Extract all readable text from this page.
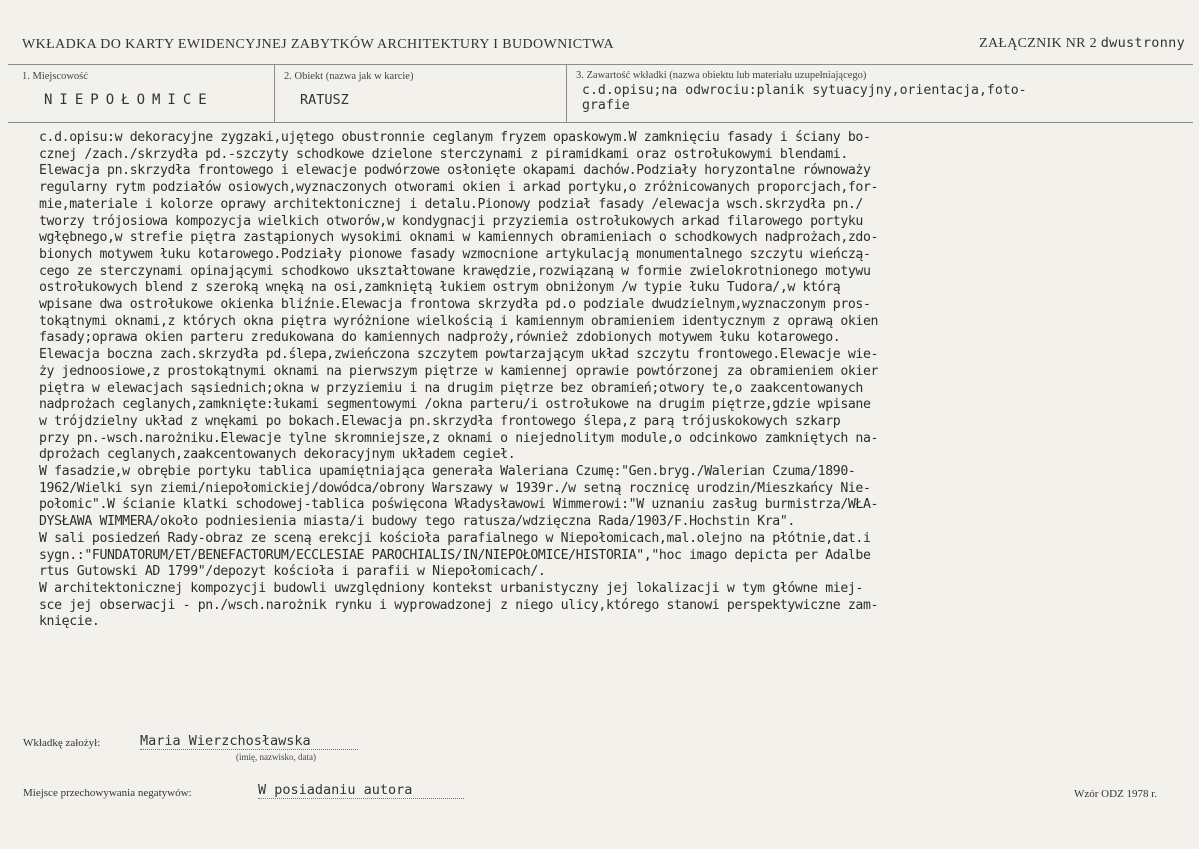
WKŁADKA DO KARTY EWIDENCYJNEJ ZABYTKÓW ARCHITEKTURY I BUDOWNICTWA	ZAŁĄCZNIK NR 2 dwustronny
1. Miejscowość
NIEPOŁOMICE
2. Obiekt (nazwa jak w karcie)
RATUSZ
3. Zawartość wkładki (nazwa obiektu lub materiału uzupełniającego)
c.d.opisu;na odwrociu:planik sytuacyjny,orientacja,foto-
grafie
c.d.opisu:w dekoracyjne zygzaki,ujętego obustronnie ceglanym fryzem opaskowym.W zamknięciu fasady i ściany bo-
cznej /zach./skrzydła pd.-szczyty schodkowe dzielone sterczynami z piramidkami oraz ostrołukowymi blendami.
Elewacja pn.skrzydła frontowego i elewacje podwórzowe osłonięte okapami dachów.Podziały horyzontalne równoważy
regularny rytm podziałów osiowych,wyznaczonych otworami okien i arkad portyku,o zróżnicowanych proporcjach,for-
mie,materiale i kolorze oprawy architektonicznej i detalu.Pionowy podział fasady /elewacja wsch.skrzydła pn./
tworzy trójosiowa kompozycja wielkich otworów,w kondygnacji przyziemia ostrołukowych arkad filarowego portyku
wgłębnego,w strefie piętra zastąpionych wysokimi oknami w kamiennych obramieniach o schodkowych nadprożach,zdo-
bionych motywem łuku kotarowego.Podziały pionowe fasady wzmocnione artykulacją monumentalnego szczytu wieńczą-
cego ze sterczynami opinającymi schodkowo ukształtowane krawędzie,rozwiązaną w formie zwielokrotnionego motywu
ostrołukowych blend z szeroką wnęką na osi,zamkniętą łukiem ostrym obniżonym /w typie łuku Tudora/,w którą
wpisane dwa ostrołukowe okienka bliźnie.Elewacja frontowa skrzydła pd.o podziale dwudzielnym,wyznaczonym pros-
tokątnymi oknami,z których okna piętra wyróżnione wielkością i kamiennym obramieniem identycznym z oprawą okien
fasady;oprawa okien parteru zredukowana do kamiennych nadprożу,również zdobionych motywem łuku kotarowego.
Elewacja boczna zach.skrzydła pd.ślepa,zwieńczona szczytem powtarzającym układ szczytu frontowego.Elewacje wie-
ży jednoosiowe,z prostokątnymi oknami na pierwszym piętrze w kamiennej oprawie powtórzonej za obramieniem okier
piętra w elewacjach sąsiednich;okna w przyziemiu i na drugim piętrze bez obramień;otwory te,o zaakcentowanych
nadprożach ceglanych,zamknięte:łukami segmentowymi /okna parteru/i ostrołukowe na drugim piętrze,gdzie wpisane
w trójdzielny układ z wnękami po bokach.Elewacja pn.skrzydła frontowego ślepa,z parą trójuskokowych szkarp
przy pn.-wsch.narożniku.Elewacje tylne skromniejsze,z oknami o niejednolitym module,o odcinkowo zamkniętych na-
dprożach ceglanych,zaakcentowanych dekoracyjnym układem cegieł.
W fasadzie,w obrębie portyku tablica upamiętniająca generała Waleriana Czumę:"Gen.bryg./Walerian Czuma/1890-
1962/Wielki syn ziemi/niepołomickiej/dowódca/obrony Warszawy w 1939r./w setną rocznicę urodzin/Mieszkańcy Nie-
połomic".W ścianie klatki schodowej-tablica poświęcona Władysławowi Wimmerowi:"W uznaniu zasług burmistrza/WŁA-
DYSŁAWA WIMMERA/około podniesienia miasta/i budowy tego ratusza/wdzięczna Rada/1903/F.Hochstin Kra".
W sali posiedzeń Rady-obraz ze sceną erekcji kościoła parafialnego w Niepołomicach,mal.olejno na płótnie,dat.i
sygn.:"FUNDATORUM/ET/BENEFACTORUM/ECCLESIAE PAROCHIALIS/IN/NIEPOŁOMICE/HISTORIA","hoc imago depicta per Adalbe
rtus Gutowski AD 1799"/depozyt kościoła i parafii w Niepołomicach/.
W architektonicznej kompozycji budowli uwzględniony kontekst urbanistyczny jej lokalizacji w tym główne miej-
sce jej obserwacji - pn./wsch.narożnik rynku i wyprowadzonej z niego ulicy,którego stanowi perspektywiczne zam-
knięcie.
Wkładkę założył:	Maria Wierzchosławska
(imię, nazwisko, data)
Miejsce przechowywania negatywów:	W posiadaniu autora	Wzór ODZ 1978 r.
